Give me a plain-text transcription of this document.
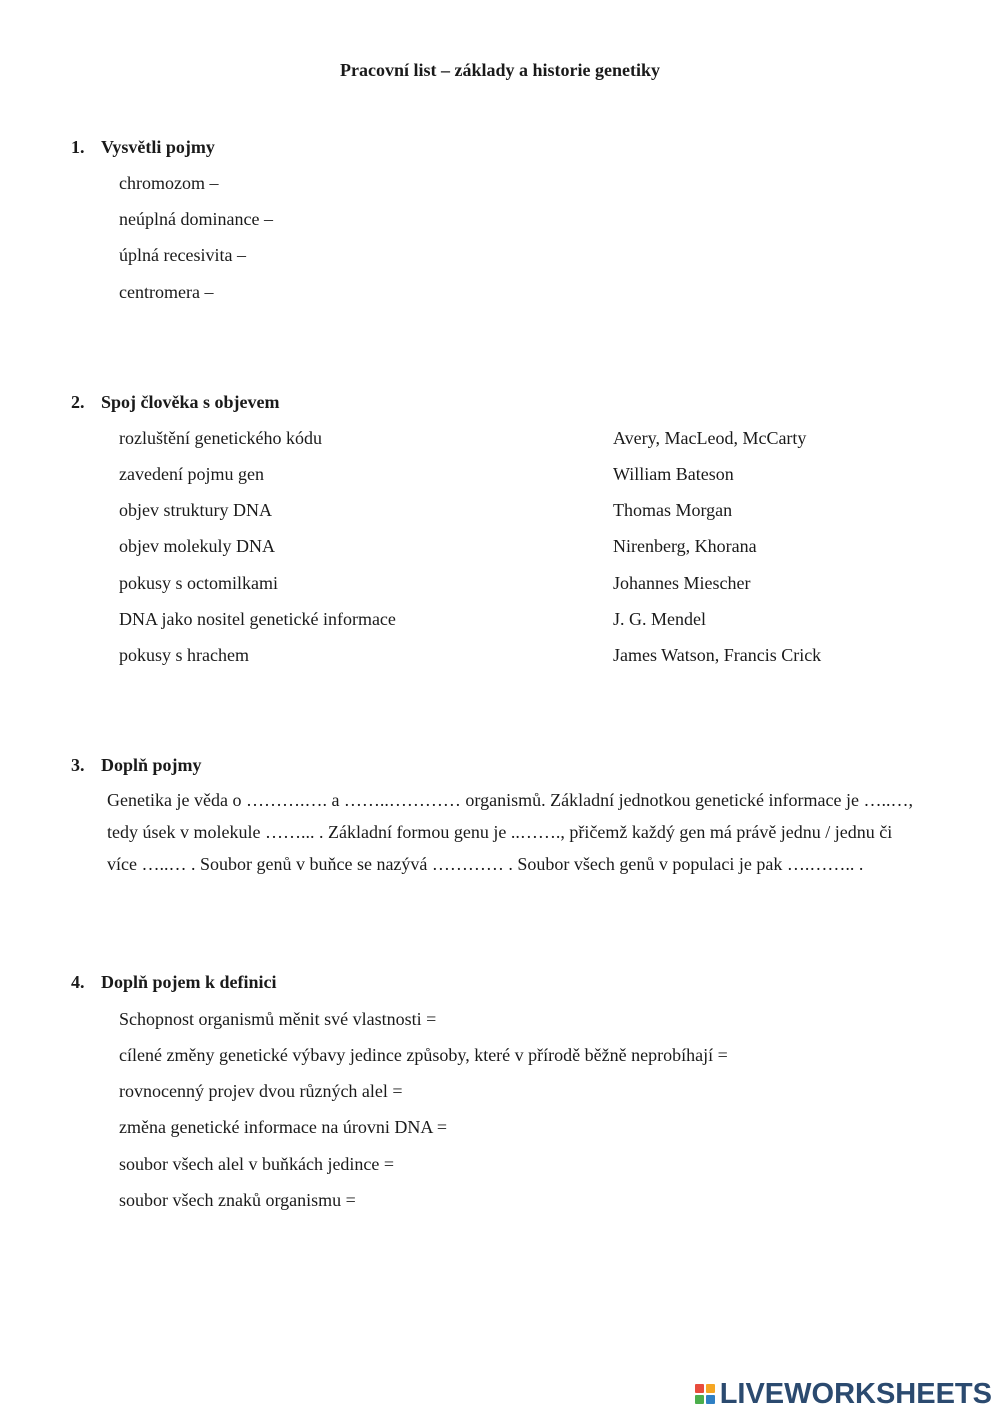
Pracovní list – základy a historie genetiky
1. Vysvětli pojmy
chromozom –
neúplná dominance –
úplná recesivita –
centromera –
2. Spoj člověka s objevem
rozluštění genetického kódu
zavedení pojmu gen
objev struktury DNA
objev molekuly DNA
pokusy s octomilkami
DNA jako nositel genetické informace
pokusy s hrachem
Avery, MacLeod, McCarty
William Bateson
Thomas Morgan
Nirenberg, Khorana
Johannes Miescher
J. G. Mendel
James Watson, Francis Crick
3. Doplň pojmy
Genetika je věda o ……….…. a ……..………… organismů. Základní jednotkou genetické informace je …..…,
tedy úsek v molekule ……... . Základní formou genu je ..……., přičemž každý gen má právě jednu / jednu či
více …..… . Soubor genů v buňce se nazývá ………… . Soubor všech genů v populaci je pak ….…….. .
4. Doplň pojem k definici
Schopnost organismů měnit své vlastnosti =
cílené změny genetické výbavy jedince způsoby, které v přírodě běžně neprobíhají =
rovnocenný projev dvou různých alel =
změna genetické informace na úrovni DNA =
soubor všech alel v buňkách jedince =
soubor všech znaků organismu =
LIVEWORKSHEETS
